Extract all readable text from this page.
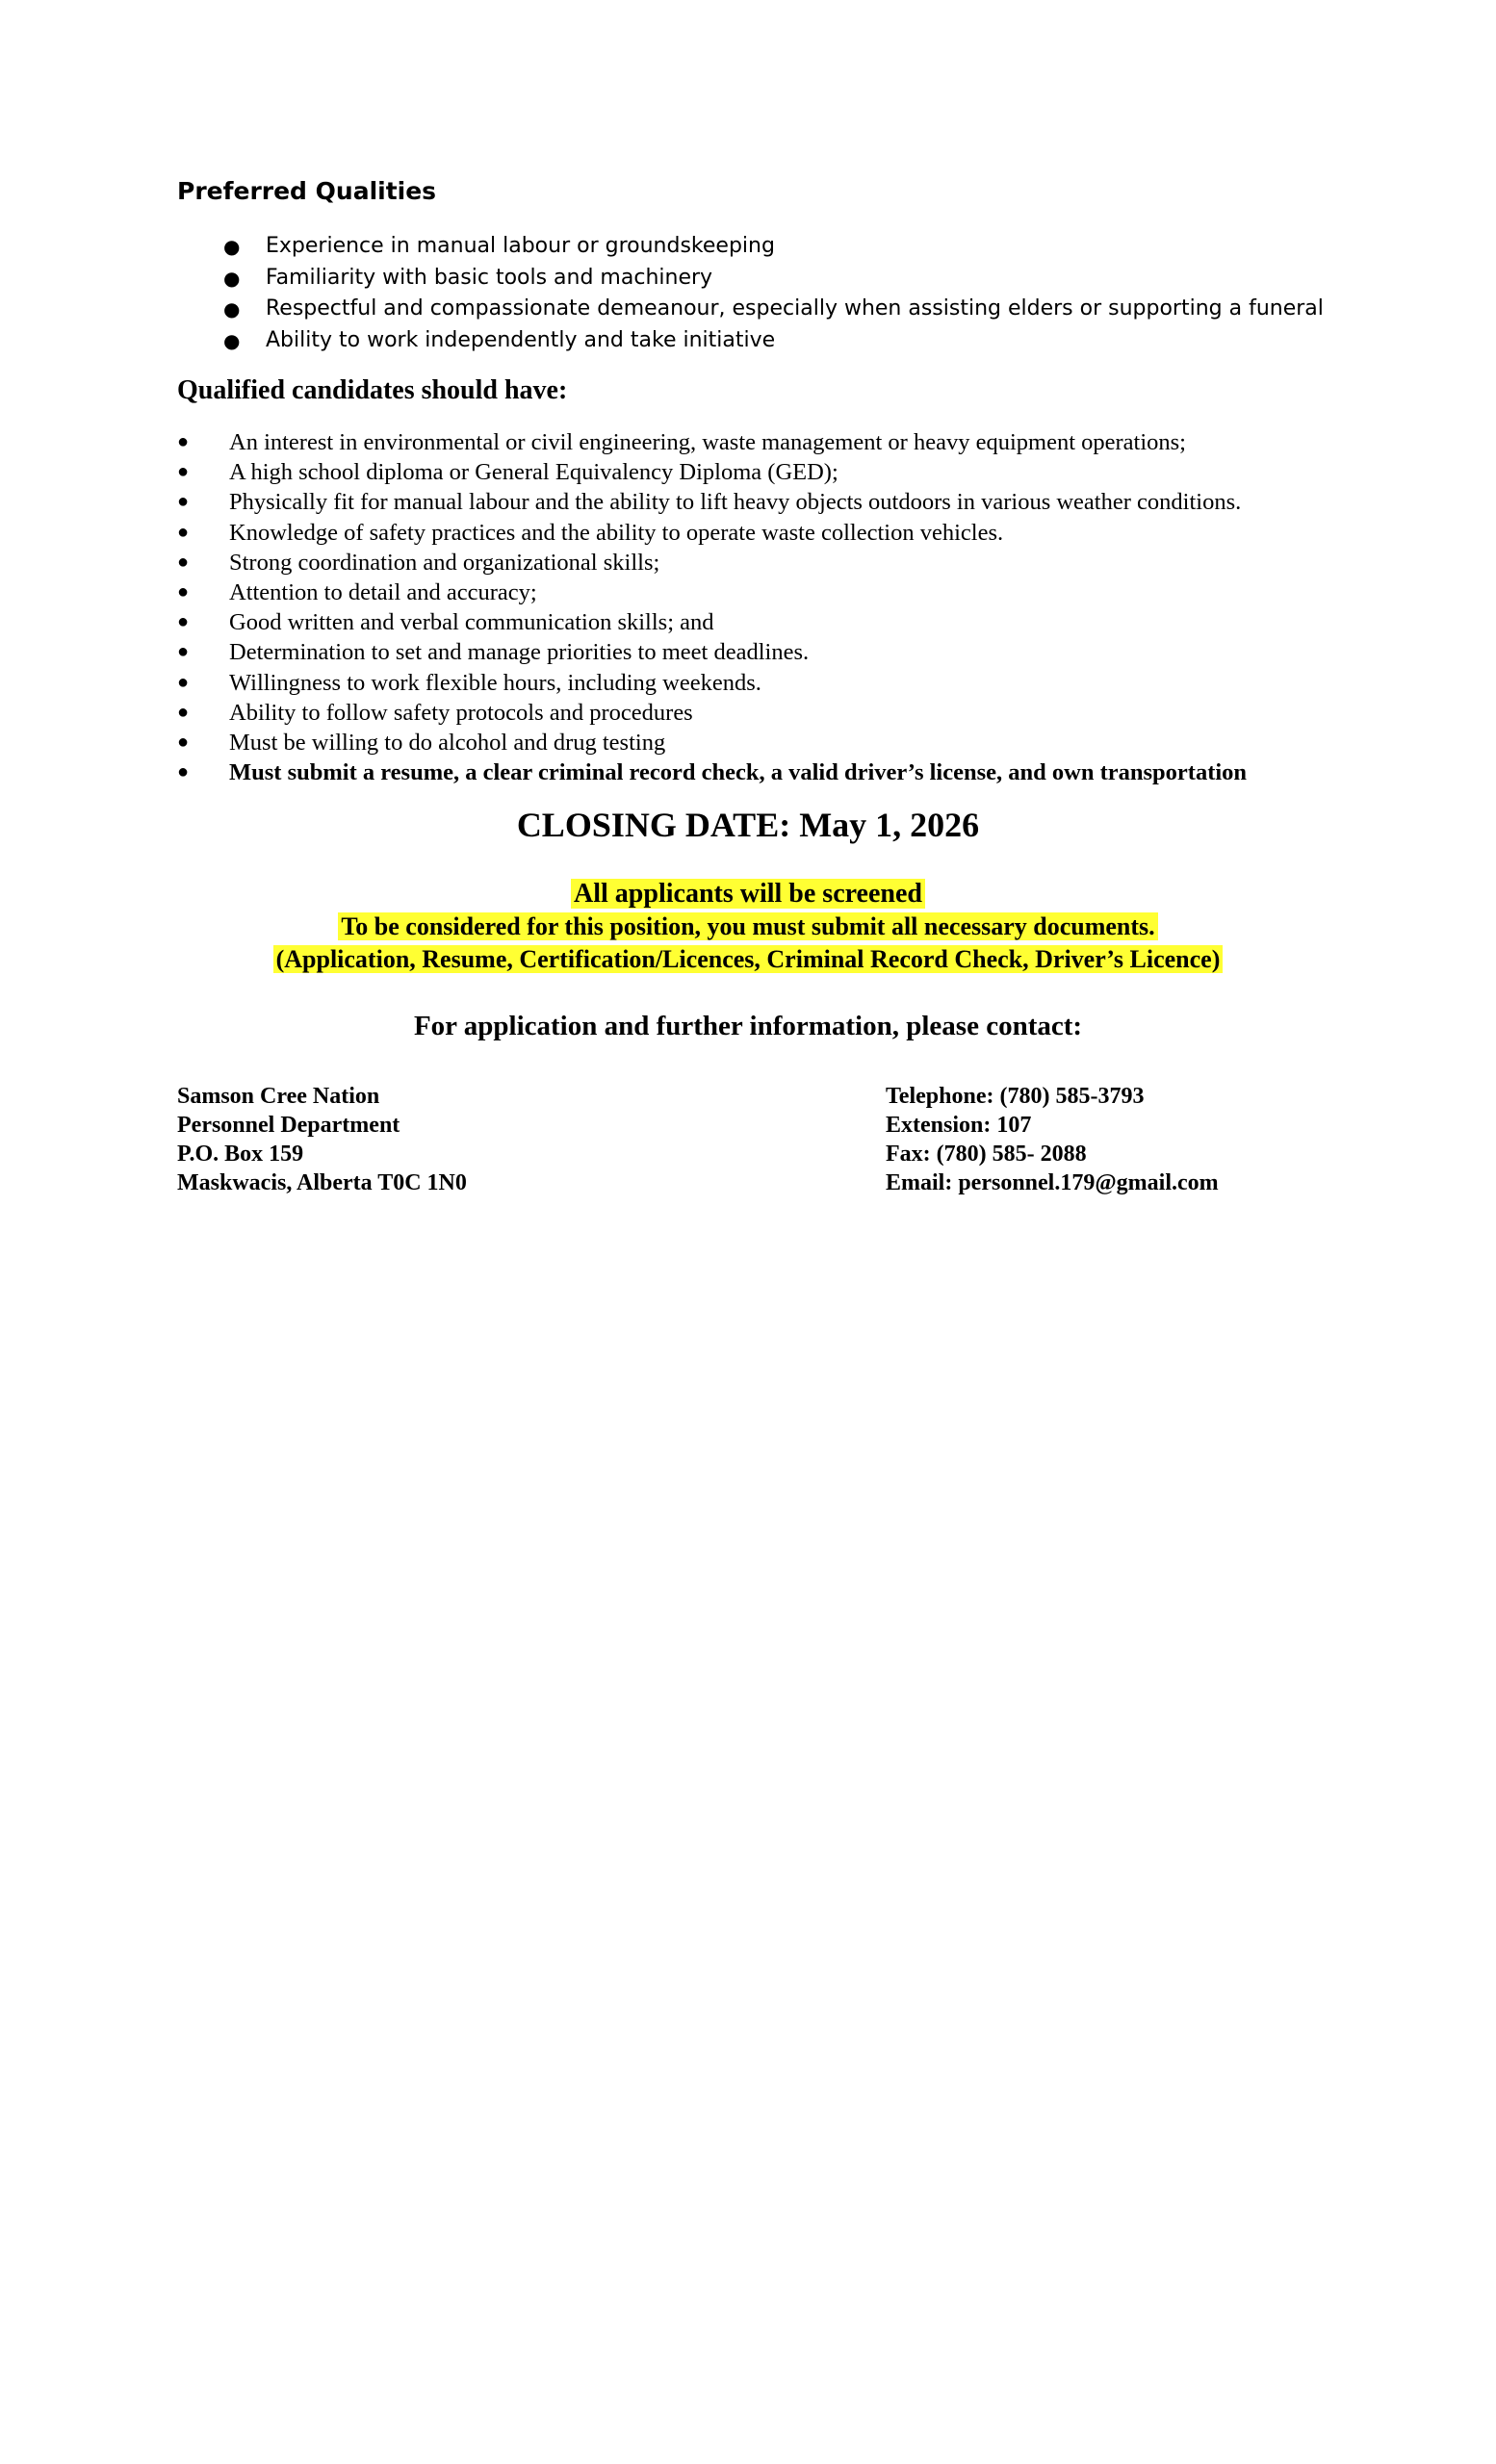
Preferred Qualities
● Experience in manual labour or groundskeeping
● Familiarity with basic tools and machinery
● Respectful and compassionate demeanour, especially when assisting elders or supporting a funeral
● Ability to work independently and take initiative
Qualified candidates should have:
● An interest in environmental or civil engineering, waste management or heavy equipment operations;
● A high school diploma or General Equivalency Diploma (GED);
● Physically fit for manual labour and the ability to lift heavy objects outdoors in various weather conditions.
● Knowledge of safety practices and the ability to operate waste collection vehicles.
● Strong coordination and organizational skills;
● Attention to detail and accuracy;
● Good written and verbal communication skills; and
● Determination to set and manage priorities to meet deadlines.
● Willingness to work flexible hours, including weekends.
● Ability to follow safety protocols and procedures
● Must be willing to do alcohol and drug testing
● Must submit a resume, a clear criminal record check, a valid driver’s license, and own transportation
CLOSING DATE: May 1, 2026
All applicants will be screened
To be considered for this position, you must submit all necessary documents.
(Application, Resume, Certification/Licences, Criminal Record Check, Driver’s Licence)
For application and further information, please contact:
Samson Cree Nation
Personnel Department
P.O. Box 159
Maskwacis, Alberta T0C 1N0
Telephone: (780) 585-3793
Extension: 107
Fax: (780) 585- 2088
Email: personnel.179@gmail.com
